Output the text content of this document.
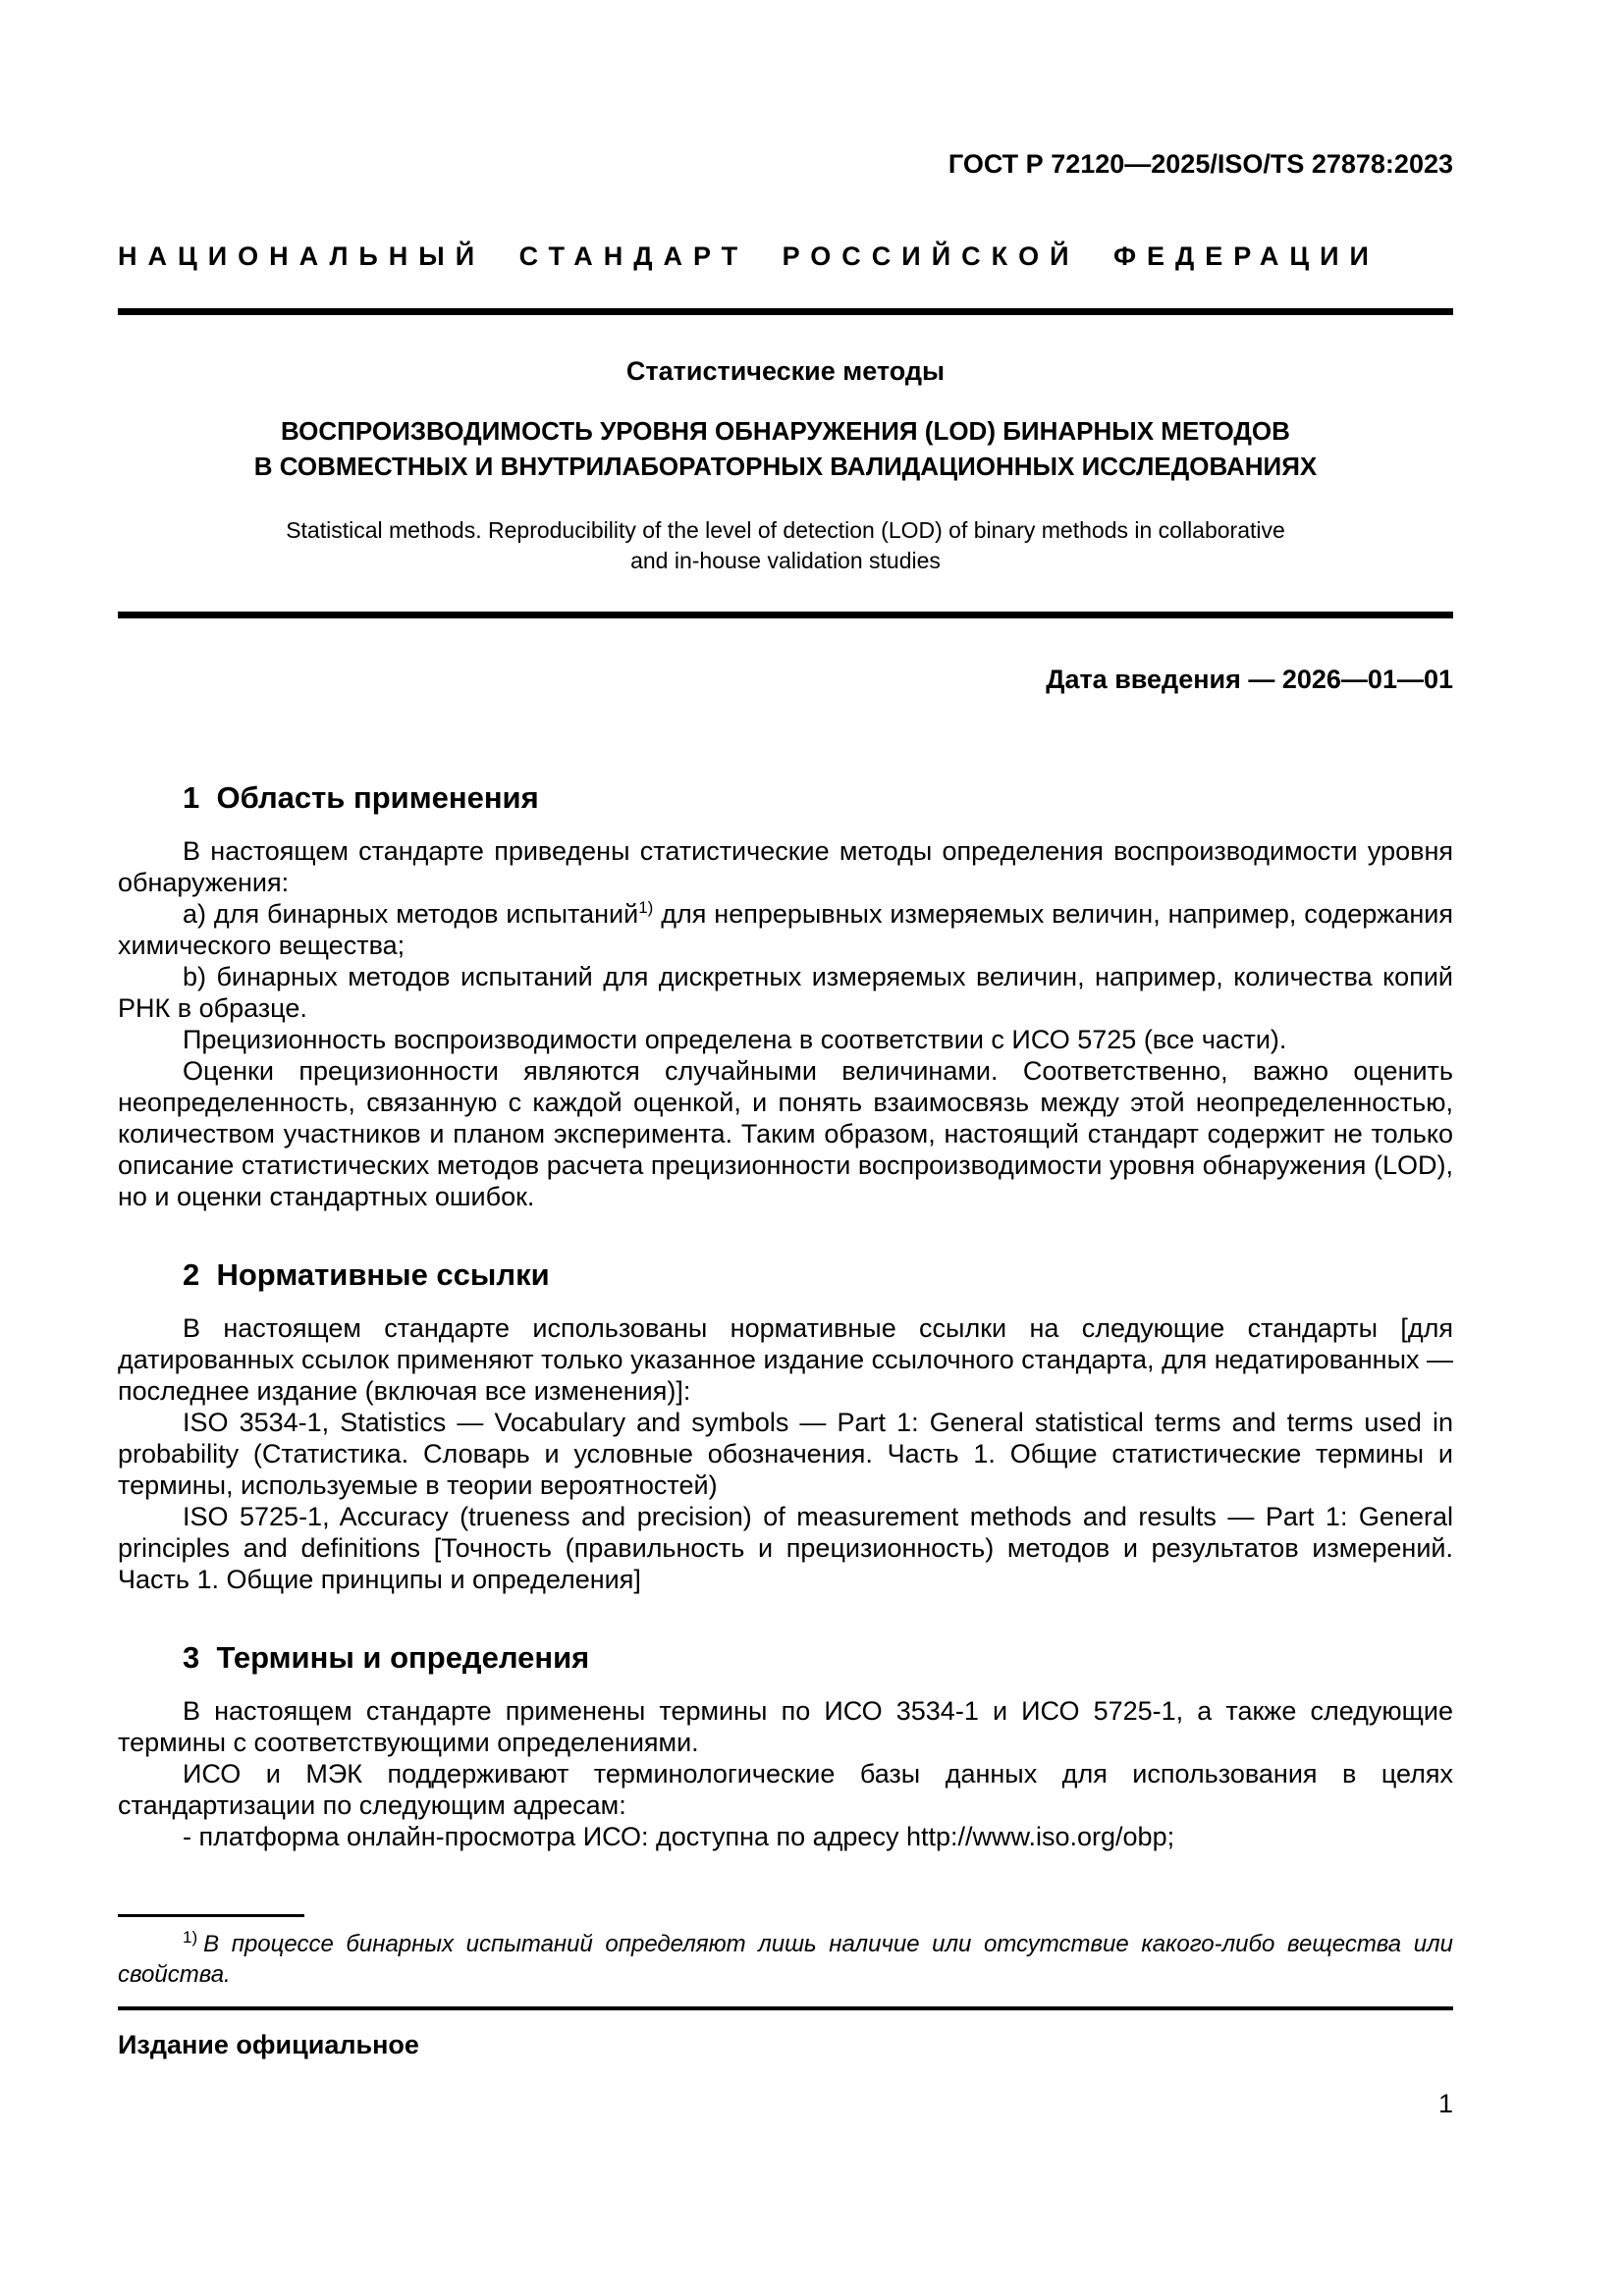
ГОСТ Р 72120—2025/ISO/TS 27878:2023
НАЦИОНАЛЬНЫЙ СТАНДАРТ РОССИЙСКОЙ ФЕДЕРАЦИИ
Статистические методы
ВОСПРОИЗВОДИМОСТЬ УРОВНЯ ОБНАРУЖЕНИЯ (LOD) БИНАРНЫХ МЕТОДОВ
В СОВМЕСТНЫХ И ВНУТРИЛАБОРАТОРНЫХ ВАЛИДАЦИОННЫХ ИССЛЕДОВАНИЯХ
Statistical methods. Reproducibility of the level of detection (LOD) of binary methods in collaborative
and in-house validation studies
Дата введения — 2026—01—01
1  Область применения

В настоящем стандарте приведены статистические методы определения воспроизводимости уровня обнаружения:

a) для бинарных методов испытаний$^{1)}$ для непрерывных измеряемых величин, например, содержания химического вещества;

b) бинарных методов испытаний для дискретных измеряемых величин, например, количества копий РНК в образце.

Прецизионность воспроизводимости определена в соответствии с ИСО 5725 (все части).

Оценки прецизионности являются случайными величинами. Соответственно, важно оценить неопределенность, связанную с каждой оценкой, и понять взаимосвязь между этой неопределенностью, количеством участников и планом эксперимента. Таким образом, настоящий стандарт содержит не только описание статистических методов расчета прецизионности воспроизводимости уровня обнаружения (LOD), но и оценки стандартных ошибок.

2  Нормативные ссылки

В настоящем стандарте использованы нормативные ссылки на следующие стандарты [для датированных ссылок применяют только указанное издание ссылочного стандарта, для недатированных — последнее издание (включая все изменения)]:

ISO 3534-1, Statistics — Vocabulary and symbols — Part 1: General statistical terms and terms used in probability (Статистика. Словарь и условные обозначения. Часть 1. Общие статистические термины и термины, используемые в теории вероятностей)

ISO 5725-1, Accuracy (trueness and precision) of measurement methods and results — Part 1: General principles and definitions [Точность (правильность и прецизионность) методов и результатов измерений. Часть 1. Общие принципы и определения]

3  Термины и определения

В настоящем стандарте применены термины по ИСО 3534-1 и ИСО 5725-1, а также следующие термины с соответствующими определениями.

ИСО и МЭК поддерживают терминологические базы данных для использования в целях стандартизации по следующим адресам:

- платформа онлайн-просмотра ИСО: доступна по адресу http://www.iso.org/obp;

$^{1)}$ В процессе бинарных испытаний определяют лишь наличие или отсутствие какого-либо вещества или свойства.

Издание официальное
1
